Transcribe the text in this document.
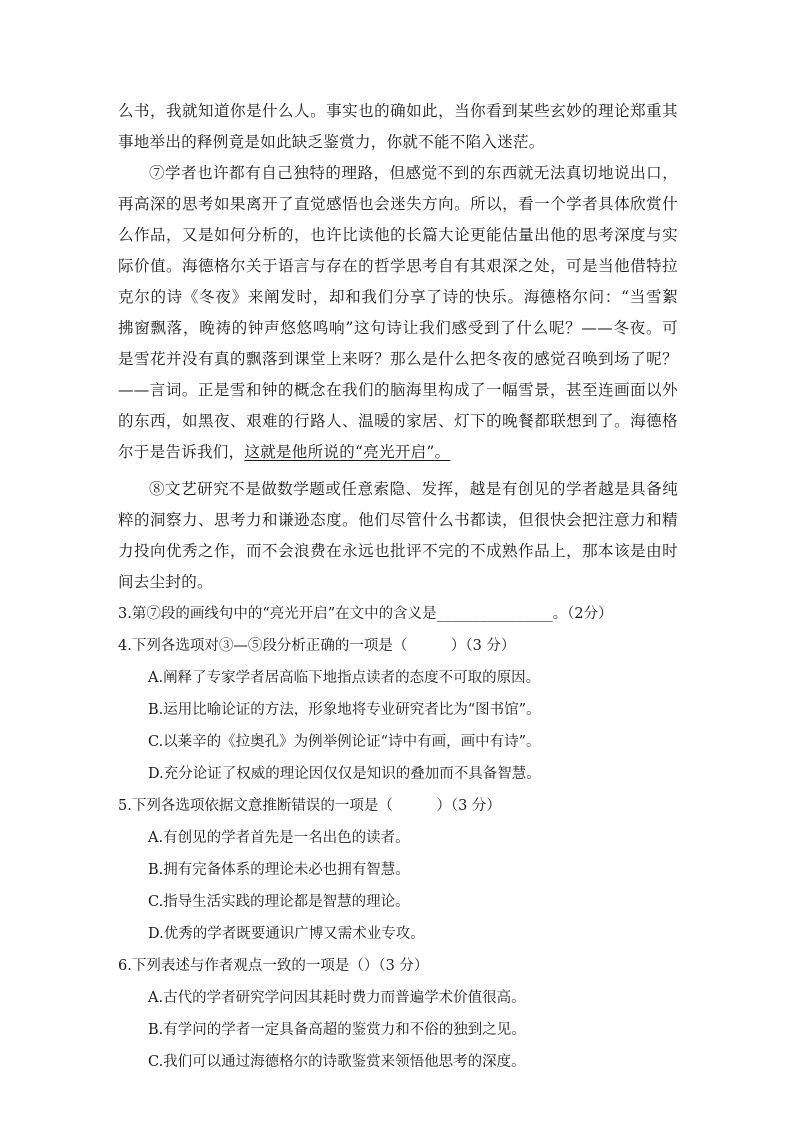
么书，我就知道你是什么人。事实也的确如此，当你看到某些玄妙的理论郑重其事地举出的释例竟是如此缺乏鉴赏力，你就不能不陷入迷茫。

⑦学者也许都有自己独特的理路，但感觉不到的东西就无法真切地说出口，再高深的思考如果离开了直觉感悟也会迷失方向。所以，看一个学者具体欣赏什么作品，又是如何分析的，也许比读他的长篇大论更能估量出他的思考深度与实际价值。海德格尔关于语言与存在的哲学思考自有其艰深之处，可是当他借特拉克尔的诗《冬夜》来阐发时，却和我们分享了诗的快乐。海德格尔问：“当雪絮拂窗飘落，晚祷的钟声悠悠鸣响”这句诗让我们感受到了什么呢？——冬夜。可是雪花并没有真的飘落到课堂上来呀？那么是什么把冬夜的感觉召唤到场了呢？——言词。正是雪和钟的概念在我们的脑海里构成了一幅雪景，甚至连画面以外的东西，如黑夜、艰难的行路人、温暖的家居、灯下的晚餐都联想到了。海德格尔于是告诉我们，这就是他所说的“亮光开启”。

⑧文艺研究不是做数学题或任意索隐、发挥，越是有创见的学者越是具备纯粹的洞察力、思考力和谦逊态度。他们尽管什么书都读，但很快会把注意力和精力投向优秀之作，而不会浪费在永远也批评不完的不成熟作品上，那本该是由时间去尘封的。

3.第⑦段的画线句中的“亮光开启”在文中的含义是________________。（2分）

4.下列各选项对③—⑤段分析正确的一项是（　　　）（3 分）

A.阐释了专家学者居高临下地指点读者的态度不可取的原因。

B.运用比喻论证的方法，形象地将专业研究者比为“图书馆”。

C.以莱辛的《拉奥孔》为例举例论证“诗中有画，画中有诗”。

D.充分论证了权威的理论因仅仅是知识的叠加而不具备智慧。

5.下列各选项依据文意推断错误的一项是（　　　）（3 分）

A.有创见的学者首先是一名出色的读者。

B.拥有完备体系的理论未必也拥有智慧。

C.指导生活实践的理论都是智慧的理论。

D.优秀的学者既要通识广博又需术业专攻。

6.下列表述与作者观点一致的一项是（）（3 分）

A.古代的学者研究学问因其耗时费力而普遍学术价值很高。

B.有学问的学者一定具备高超的鉴赏力和不俗的独到之见。

C.我们可以通过海德格尔的诗歌鉴赏来领悟他思考的深度。
